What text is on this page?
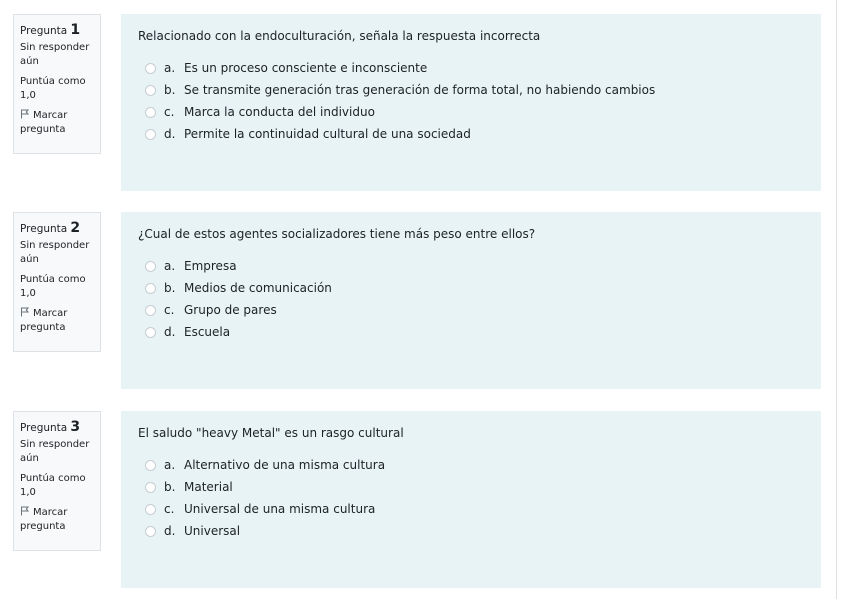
Pregunta 1
Sin responder aún
Puntúa como 1,0
Marcar pregunta
Relacionado con la endoculturación, señala la respuesta incorrecta
a. Es un proceso consciente e inconsciente
b. Se transmite generación tras generación de forma total, no habiendo cambios
c. Marca la conducta del individuo
d. Permite la continuidad cultural de una sociedad
Pregunta 2
Sin responder aún
Puntúa como 1,0
Marcar pregunta
¿Cual de estos agentes socializadores tiene más peso entre ellos?
a. Empresa
b. Medios de comunicación
c. Grupo de pares
d. Escuela
Pregunta 3
Sin responder aún
Puntúa como 1,0
Marcar pregunta
El saludo "heavy Metal" es un rasgo cultural
a. Alternativo de una misma cultura
b. Material
c. Universal de una misma cultura
d. Universal
